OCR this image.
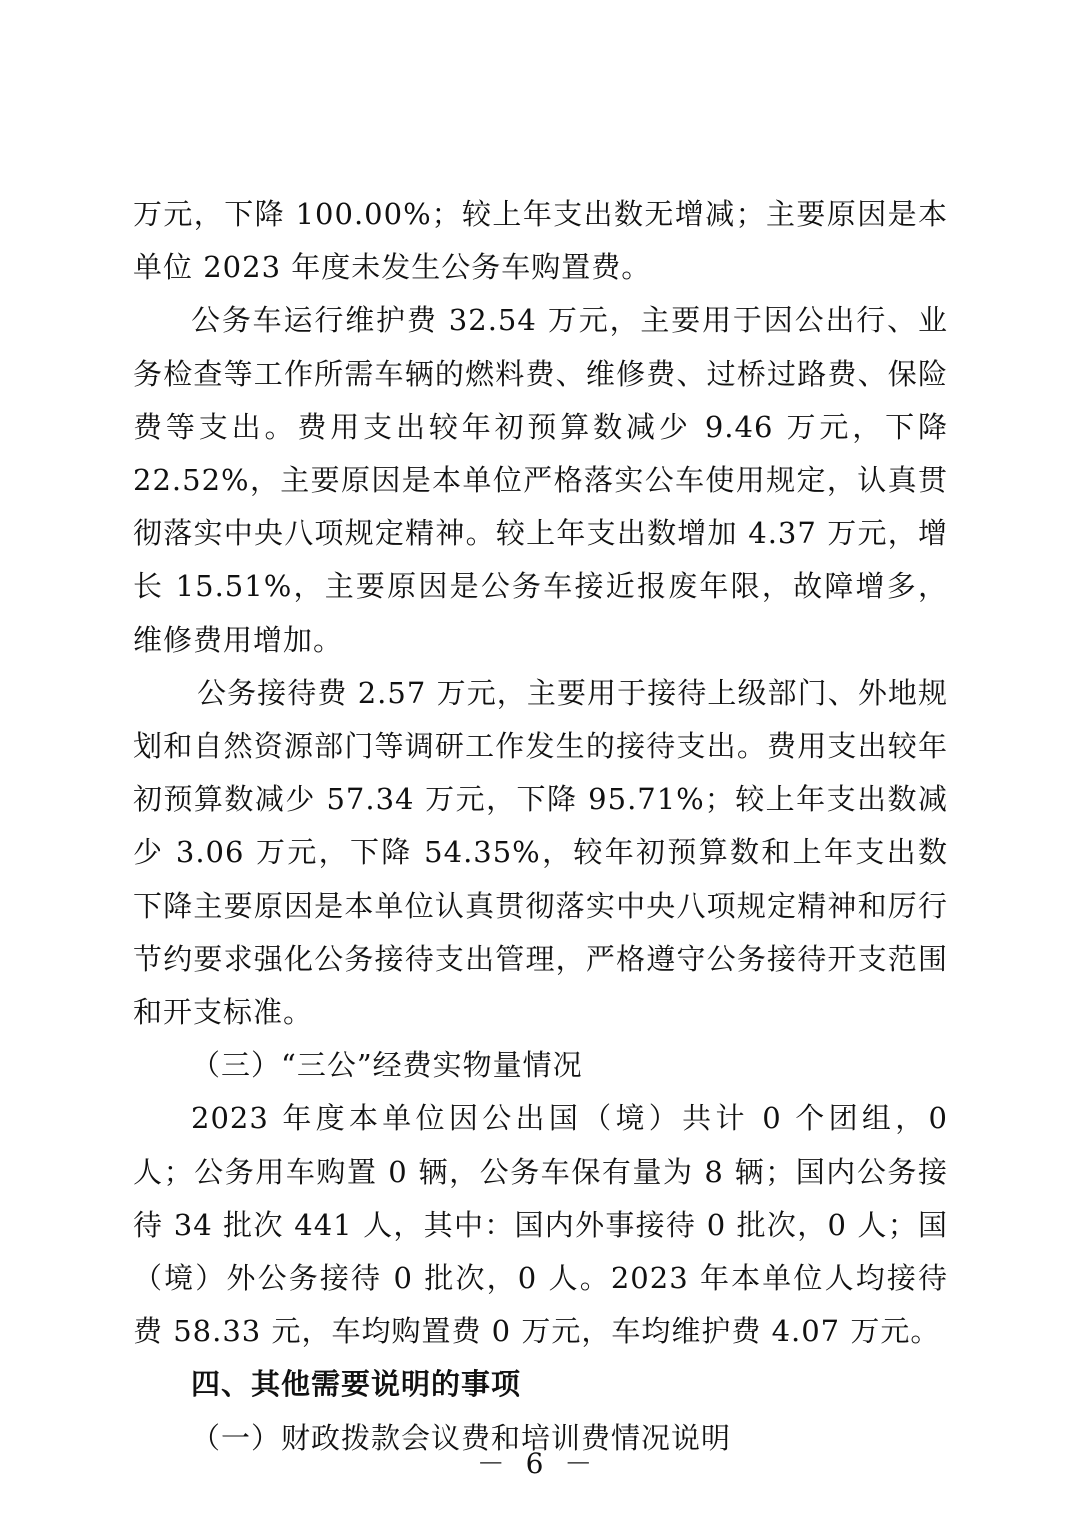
万元，下降 100.00%；较上年支出数无增减；主要原因是本单位 2023 年度未发生公务车购置费。

公务车运行维护费 32.54 万元，主要用于因公出行、业务检查等工作所需车辆的燃料费、维修费、过桥过路费、保险费等支出。费用支出较年初预算数减少 9.46 万元，下降 22.52%，主要原因是本单位严格落实公车使用规定，认真贯彻落实中央八项规定精神。较上年支出数增加 4.37 万元，增长 15.51%，主要原因是公务车接近报废年限，故障增多，维修费用增加。

公务接待费 2.57 万元，主要用于接待上级部门、外地规划和自然资源部门等调研工作发生的接待支出。费用支出较年初预算数减少 57.34 万元，下降 95.71%；较上年支出数减少 3.06 万元，下降 54.35%，较年初预算数和上年支出数下降主要原因是本单位认真贯彻落实中央八项规定精神和厉行节约要求强化公务接待支出管理，严格遵守公务接待开支范围和开支标准。

（三）“三公”经费实物量情况

2023 年度本单位因公出国（境）共计 0 个团组，0 人；公务用车购置 0 辆，公务车保有量为 8 辆；国内公务接待 34 批次 441 人，其中：国内外事接待 0 批次，0 人；国（境）外公务接待 0 批次，0 人。2023 年本单位人均接待费 58.33 元，车均购置费 0 万元，车均维护费 4.07 万元。

四、其他需要说明的事项

（一）财政拨款会议费和培训费情况说明

－ 6 －
